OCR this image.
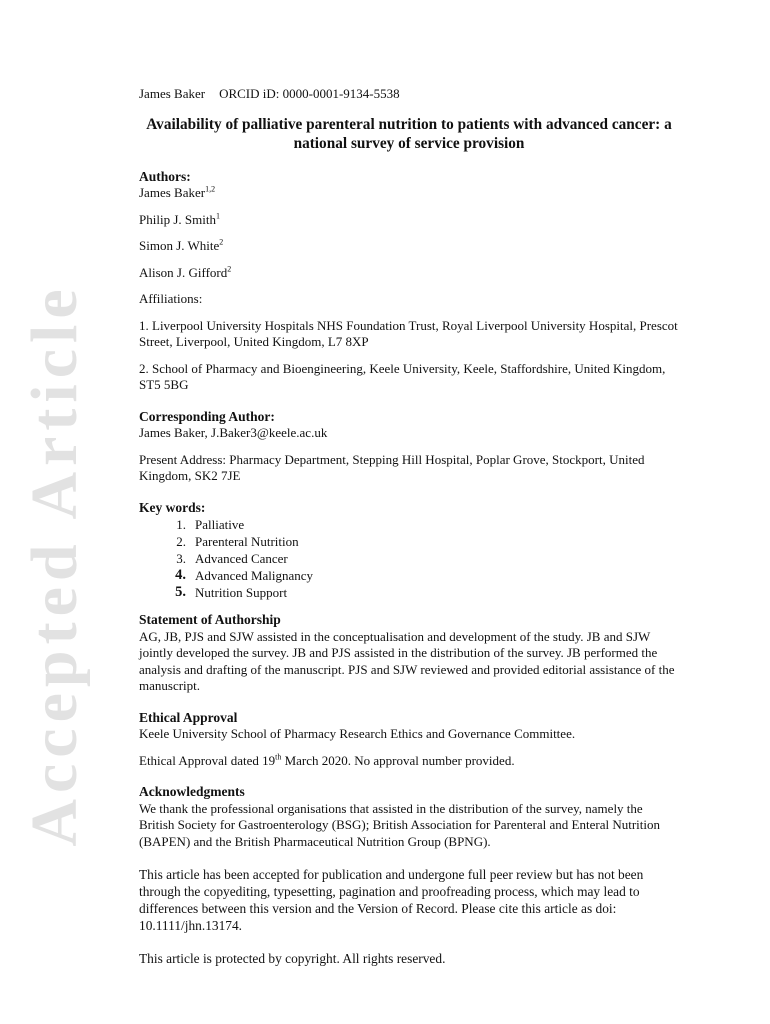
Accepted Article

James Baker ORCID iD: 0000-0001-9134-5538

Availability of palliative parenteral nutrition to patients with advanced cancer: a national survey of service provision

Authors:

James Baker$^{1,2}$

Philip J. Smith$^1$

Simon J. White$^2$

Alison J. Gifford$^2$

Affiliations:

1. Liverpool University Hospitals NHS Foundation Trust, Royal Liverpool University Hospital, Prescot Street, Liverpool, United Kingdom, L7 8XP

2. School of Pharmacy and Bioengineering, Keele University, Keele, Staffordshire, United Kingdom, ST5 5BG

Corresponding Author:

James Baker, J.Baker3@keele.ac.uk

Present Address: Pharmacy Department, Stepping Hill Hospital, Poplar Grove, Stockport, United Kingdom, SK2 7JE

Key words:

1. Palliative
2. Parenteral Nutrition
3. Advanced Cancer
4. Advanced Malignancy
5. Nutrition Support

Statement of Authorship

AG, JB, PJS and SJW assisted in the conceptualisation and development of the study. JB and SJW jointly developed the survey. JB and PJS assisted in the distribution of the survey. JB performed the analysis and drafting of the manuscript. PJS and SJW reviewed and provided editorial assistance of the manuscript.

Ethical Approval

Keele University School of Pharmacy Research Ethics and Governance Committee.

Ethical Approval dated 19th March 2020. No approval number provided.

Acknowledgments

We thank the professional organisations that assisted in the distribution of the survey, namely the British Society for Gastroenterology (BSG); British Association for Parenteral and Enteral Nutrition (BAPEN) and the British Pharmaceutical Nutrition Group (BPNG).

This article has been accepted for publication and undergone full peer review but has not been through the copyediting, typesetting, pagination and proofreading process, which may lead to differences between this version and the Version of Record. Please cite this article as doi: 10.1111/jhn.13174.

This article is protected by copyright. All rights reserved.
